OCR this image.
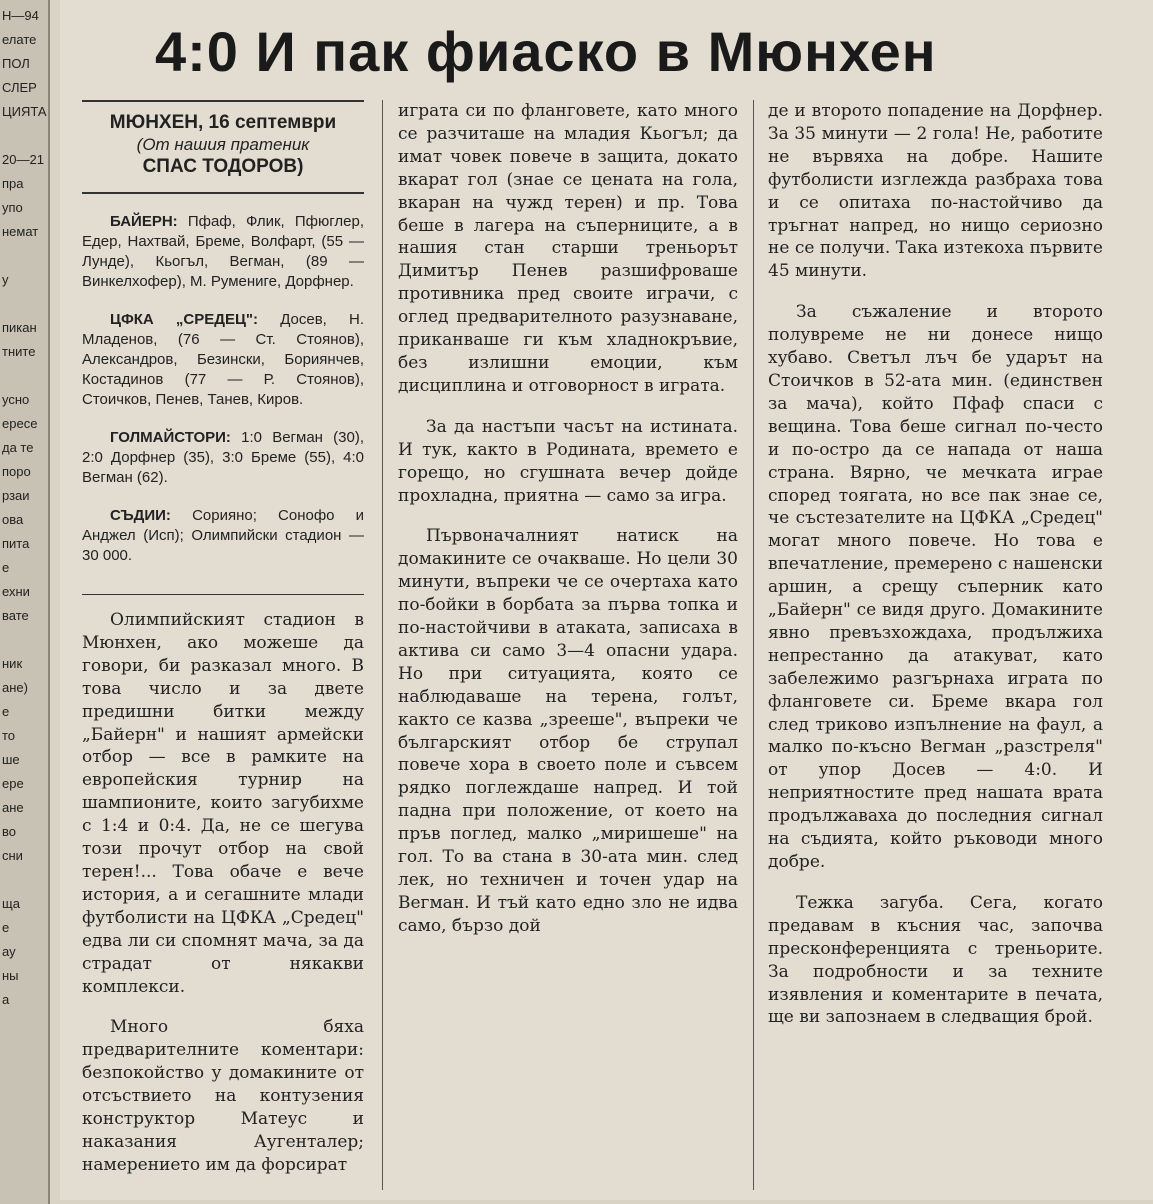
Н—94
елате
ПОЛ
СЛЕР
ЦИЯТА

20—21
пра
упо
немат

у

пикан
тните

усно
ересе
да те
поро
рзаи
ова
пита
е
ехни
вате

ник
ане)
е
то
ше
ере
ане
во
сни

ща
е
ау
ны
а
4:0 И пак фиаско в Мюнхен
МЮНХЕН, 16 септември
(От нашия пратеник
СПАС ТОДОРОВ)

БАЙЕРН: Пфаф, Флик, Пфюглер, Едер, Нахтвай, Бреме, Волфарт, (55 — Лунде), Кьогъл, Вегман, (89 — Винкелхофер), М. Румениге, Дорфнер.

ЦФКА „СРЕДЕЦ": Досев, Н. Младенов, (76 — Ст. Стоянов), Александров, Безински, Бориянчев, Костадинов (77 — Р. Стоянов), Стоичков, Пенев, Танев, Киров.

ГОЛМАЙСТОРИ: 1:0 Вегман (30), 2:0 Дорфнер (35), 3:0 Бреме (55), 4:0 Вегман (62).

СЪДИИ: Сорияно; Сонофо и Анджел (Исп); Олимпийски стадион — 30 000.

Олимпийският стадион в Мюнхен, ако можеше да говори, би разказал много. В това число и за двете предишни битки между „Байерн" и нашият армейски отбор — все в рамките на европейския турнир на шампионите, които загубихме с 1:4 и 0:4. Да, не се шегува този прочут отбор на свой терен!... Това обаче е вече история, а и сегашните млади футболисти на ЦФКА „Средец" едва ли си спомнят мача, за да страдат от някакви комплекси.

Много бяха предварителните коментари: безпокойство у домакините от отсъствието на контузения конструктор Матеус и наказания Аугенталер; намерението им да форсират

играта си по фланговете, като много се разчиташе на младия Кьогъл; да имат човек повече в защита, докато вкарат гол (знае се цената на гола, вкаран на чужд терен) и пр. Това беше в лагера на съперниците, а в нашия стан старши треньорът Димитър Пенев разшифроваше противника пред своите играчи, с оглед предварителното разузнаване, приканваше ги към хладнокръвие, без излишни емоции, към дисциплина и отговорност в играта.

За да настъпи часът на истината. И тук, както в Родината, времето е горещо, но сгушната вечер дойде прохладна, приятна — само за игра.

Първоначалният натиск на домакините се очакваше. Но цели 30 минути, въпреки че се очертаха като по-бойки в борбата за първа топка и по-настойчиви в атаката, записаха в актива си само 3—4 опасни удара. Но при ситуацията, която се наблюдаваше на терена, голът, както се казва „зрееше", въпреки че българският отбор бе струпал повече хора в своето поле и съвсем рядко поглеждаше напред. И той падна при положение, от което на пръв поглед, малко „миришеше" на гол. То ва стана в 30-ата мин. след лек, но техничен и точен удар на Вегман. И тъй като едно зло не идва само, бързо дой

де и второто попадение на Дорфнер. За 35 минути — 2 гола! Не, работите не вървяха на добре. Нашите футболисти изглежда разбраха това и се опитаха по-настойчиво да тръгнат напред, но нищо сериозно не се получи. Така изтекоха първите 45 минути.

За съжаление и второто полувреме не ни донесе нищо хубаво. Светъл лъч бе ударът на Стоичков в 52-ата мин. (единствен за мача), който Пфаф спаси с вещина. Това беше сигнал по-често и по-остро да се напада от наша страна. Вярно, че мечката играе според тоягата, но все пак знае се, че състезателите на ЦФКА „Средец" могат много повече. Но това е впечатление, премерено с нашенски аршин, а срещу съперник като „Байерн" се видя друго. Домакините явно превъзхождаха, продължиха непрестанно да атакуват, като забележимо разгърнаха играта по фланговете си. Бреме вкара гол след триково изпълнение на фаул, а малко по-късно Вегман „разстреля" от упор Досев — 4:0. И неприятностите пред нашата врата продължаваха до последния сигнал на съдията, който ръководи много добре.

Тежка загуба. Сега, когато предавам в късния час, започва пресконференцията с треньорите. За подробности и за техните изявления и коментарите в печата, ще ви запознаем в следващия брой.
